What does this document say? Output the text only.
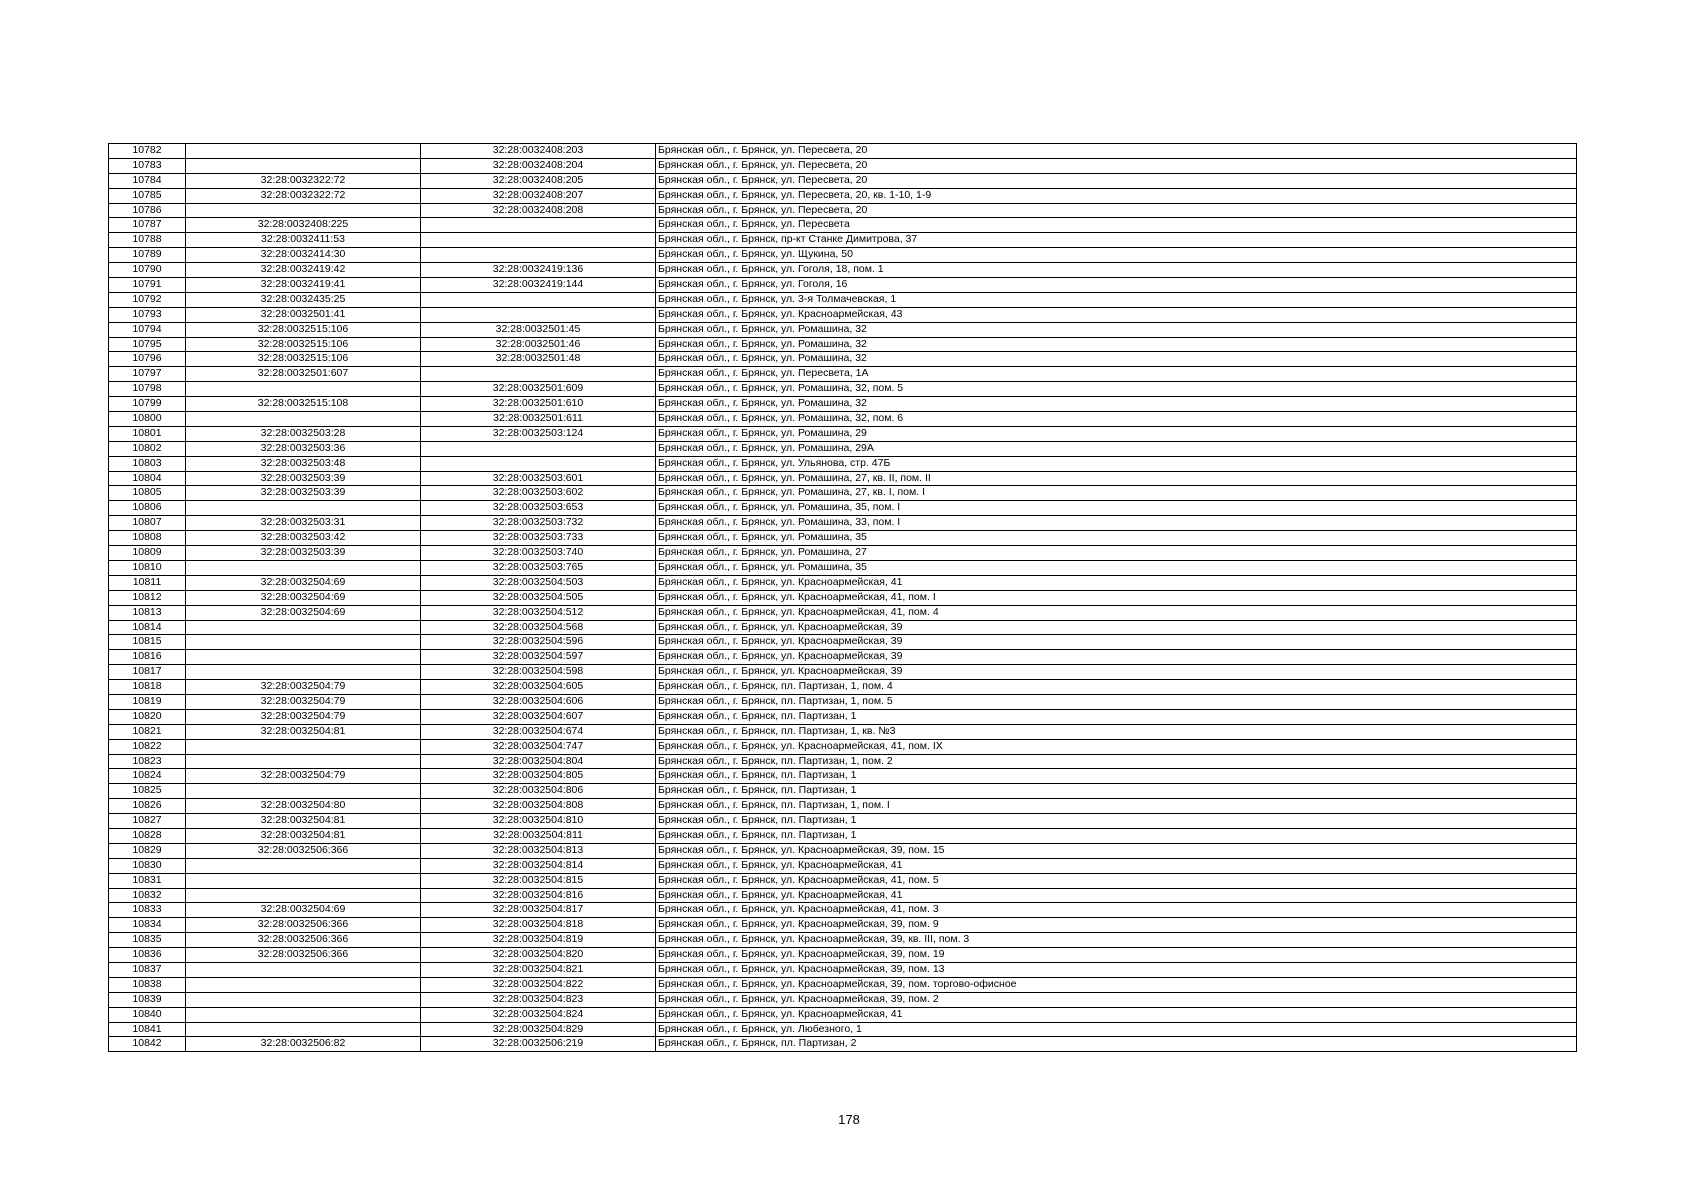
10782		32:28:0032408:203	Брянская обл., г. Брянск, ул. Пересвета, 20
10783		32:28:0032408:204	Брянская обл., г. Брянск, ул. Пересвета, 20
10784	32:28:0032322:72	32:28:0032408:205	Брянская обл., г. Брянск, ул. Пересвета, 20
10785	32:28:0032322:72	32:28:0032408:207	Брянская обл., г. Брянск, ул. Пересвета, 20, кв. 1-10, 1-9
10786		32:28:0032408:208	Брянская обл., г. Брянск, ул. Пересвета, 20
10787	32:28:0032408:225		Брянская обл., г. Брянск, ул. Пересвета
10788	32:28:0032411:53		Брянская обл., г. Брянск, пр-кт Станке Димитрова, 37
10789	32:28:0032414:30		Брянская обл., г. Брянск, ул. Щукина, 50
10790	32:28:0032419:42	32:28:0032419:136	Брянская обл., г. Брянск, ул. Гоголя, 18, пом. 1
10791	32:28:0032419:41	32:28:0032419:144	Брянская обл., г. Брянск, ул. Гоголя, 16
10792	32:28:0032435:25		Брянская обл., г. Брянск, ул. 3-я Толмачевская, 1
10793	32:28:0032501:41		Брянская обл., г. Брянск, ул. Красноармейская, 43
10794	32:28:0032515:106	32:28:0032501:45	Брянская обл., г. Брянск, ул. Ромашина, 32
10795	32:28:0032515:106	32:28:0032501:46	Брянская обл., г. Брянск, ул. Ромашина, 32
10796	32:28:0032515:106	32:28:0032501:48	Брянская обл., г. Брянск, ул. Ромашина, 32
10797	32:28:0032501:607		Брянская обл., г. Брянск, ул. Пересвета, 1А
10798		32:28:0032501:609	Брянская обл., г. Брянск, ул. Ромашина, 32, пом. 5
10799	32:28:0032515:108	32:28:0032501:610	Брянская обл., г. Брянск, ул. Ромашина, 32
10800		32:28:0032501:611	Брянская обл., г. Брянск, ул. Ромашина, 32, пом. 6
10801	32:28:0032503:28	32:28:0032503:124	Брянская обл., г. Брянск, ул. Ромашина, 29
10802	32:28:0032503:36		Брянская обл., г. Брянск, ул. Ромашина, 29А
10803	32:28:0032503:48		Брянская обл., г. Брянск, ул. Ульянова, стр. 47Б
10804	32:28:0032503:39	32:28:0032503:601	Брянская обл., г. Брянск, ул. Ромашина, 27, кв. II, пом. II
10805	32:28:0032503:39	32:28:0032503:602	Брянская обл., г. Брянск, ул. Ромашина, 27, кв. I, пом. I
10806		32:28:0032503:653	Брянская обл., г. Брянск, ул. Ромашина, 35, пом. I
10807	32:28:0032503:31	32:28:0032503:732	Брянская обл., г. Брянск, ул. Ромашина, 33, пом. I
10808	32:28:0032503:42	32:28:0032503:733	Брянская обл., г. Брянск, ул. Ромашина, 35
10809	32:28:0032503:39	32:28:0032503:740	Брянская обл., г. Брянск, ул. Ромашина, 27
10810		32:28:0032503:765	Брянская обл., г. Брянск, ул. Ромашина, 35
10811	32:28:0032504:69	32:28:0032504:503	Брянская обл., г. Брянск, ул. Красноармейская, 41
10812	32:28:0032504:69	32:28:0032504:505	Брянская обл., г. Брянск, ул. Красноармейская, 41, пом. I
10813	32:28:0032504:69	32:28:0032504:512	Брянская обл., г. Брянск, ул. Красноармейская, 41, пом. 4
10814		32:28:0032504:568	Брянская обл., г. Брянск, ул. Красноармейская, 39
10815		32:28:0032504:596	Брянская обл., г. Брянск, ул. Красноармейская, 39
10816		32:28:0032504:597	Брянская обл., г. Брянск, ул. Красноармейская, 39
10817		32:28:0032504:598	Брянская обл., г. Брянск, ул. Красноармейская, 39
10818	32:28:0032504:79	32:28:0032504:605	Брянская обл., г. Брянск, пл. Партизан, 1, пом. 4
10819	32:28:0032504:79	32:28:0032504:606	Брянская обл., г. Брянск, пл. Партизан, 1, пом. 5
10820	32:28:0032504:79	32:28:0032504:607	Брянская обл., г. Брянск, пл. Партизан, 1
10821	32:28:0032504:81	32:28:0032504:674	Брянская обл., г. Брянск, пл. Партизан, 1, кв. №3
10822		32:28:0032504:747	Брянская обл., г. Брянск, ул. Красноармейская, 41, пом. IX
10823		32:28:0032504:804	Брянская обл., г. Брянск, пл. Партизан, 1, пом. 2
10824	32:28:0032504:79	32:28:0032504:805	Брянская обл., г. Брянск, пл. Партизан, 1
10825		32:28:0032504:806	Брянская обл., г. Брянск, пл. Партизан, 1
10826	32:28:0032504:80	32:28:0032504:808	Брянская обл., г. Брянск, пл. Партизан, 1, пом. I
10827	32:28:0032504:81	32:28:0032504:810	Брянская обл., г. Брянск, пл. Партизан, 1
10828	32:28:0032504:81	32:28:0032504:811	Брянская обл., г. Брянск, пл. Партизан, 1
10829	32:28:0032506:366	32:28:0032504:813	Брянская обл., г. Брянск, ул. Красноармейская, 39, пом. 15
10830		32:28:0032504:814	Брянская обл., г. Брянск, ул. Красноармейская, 41
10831		32:28:0032504:815	Брянская обл., г. Брянск, ул. Красноармейская, 41, пом. 5
10832		32:28:0032504:816	Брянская обл., г. Брянск, ул. Красноармейская, 41
10833	32:28:0032504:69	32:28:0032504:817	Брянская обл., г. Брянск, ул. Красноармейская, 41, пом. 3
10834	32:28:0032506:366	32:28:0032504:818	Брянская обл., г. Брянск, ул. Красноармейская, 39, пом. 9
10835	32:28:0032506:366	32:28:0032504:819	Брянская обл., г. Брянск, ул. Красноармейская, 39, кв. III, пом. 3
10836	32:28:0032506:366	32:28:0032504:820	Брянская обл., г. Брянск, ул. Красноармейская, 39, пом. 19
10837		32:28:0032504:821	Брянская обл., г. Брянск, ул. Красноармейская, 39, пом. 13
10838		32:28:0032504:822	Брянская обл., г. Брянск, ул. Красноармейская, 39, пом. торгово-офисное
10839		32:28:0032504:823	Брянская обл., г. Брянск, ул. Красноармейская, 39, пом. 2
10840		32:28:0032504:824	Брянская обл., г. Брянск, ул. Красноармейская, 41
10841		32:28:0032504:829	Брянская обл., г. Брянск, ул. Любезного, 1
10842	32:28:0032506:82	32:28:0032506:219	Брянская обл., г. Брянск, пл. Партизан, 2
178
